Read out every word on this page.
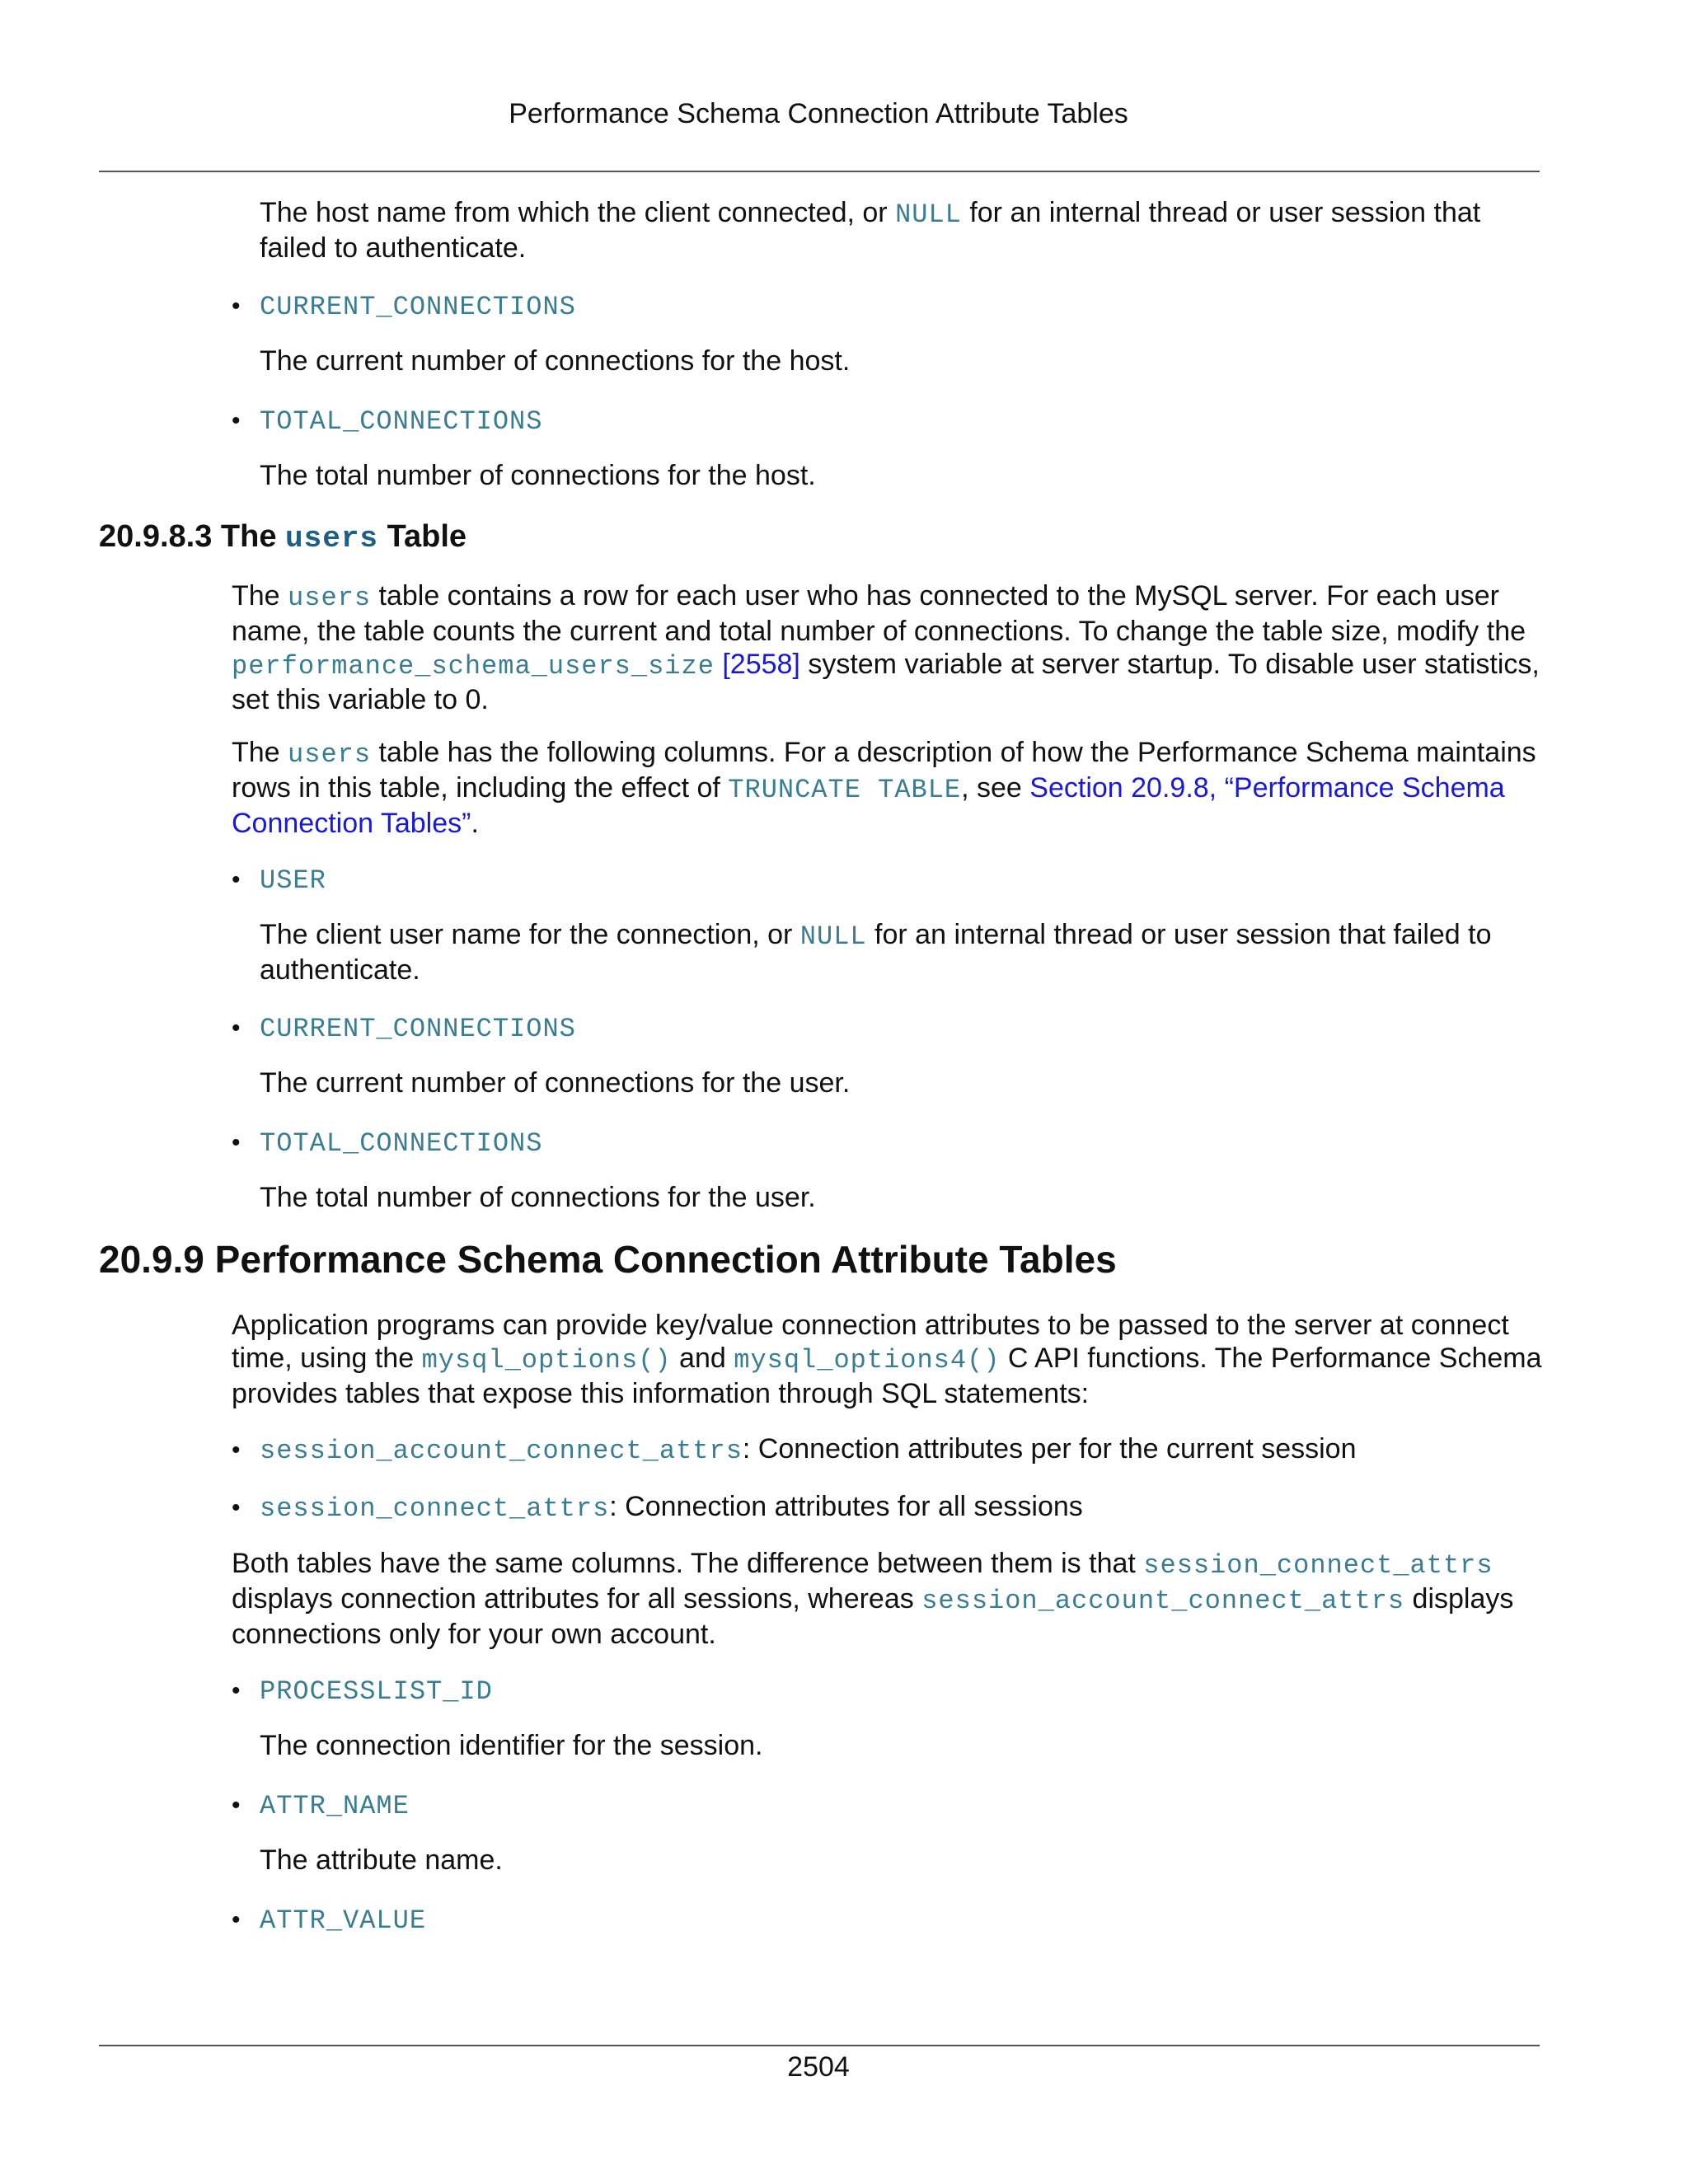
Performance Schema Connection Attribute Tables

The host name from which the client connected, or NULL for an internal thread or user session that failed to authenticate.

• CURRENT_CONNECTIONS

The current number of connections for the host.

• TOTAL_CONNECTIONS

The total number of connections for the host.

20.9.8.3 The users Table

The users table contains a row for each user who has connected to the MySQL server. For each user name, the table counts the current and total number of connections. To change the table size, modify the performance_schema_users_size [2558] system variable at server startup. To disable user statistics, set this variable to 0.

The users table has the following columns. For a description of how the Performance Schema maintains rows in this table, including the effect of TRUNCATE TABLE, see Section 20.9.8, “Performance Schema Connection Tables”.

• USER

The client user name for the connection, or NULL for an internal thread or user session that failed to authenticate.

• CURRENT_CONNECTIONS

The current number of connections for the user.

• TOTAL_CONNECTIONS

The total number of connections for the user.

20.9.9 Performance Schema Connection Attribute Tables

Application programs can provide key/value connection attributes to be passed to the server at connect time, using the mysql_options() and mysql_options4() C API functions. The Performance Schema provides tables that expose this information through SQL statements:

• session_account_connect_attrs: Connection attributes per for the current session
• session_connect_attrs: Connection attributes for all sessions

Both tables have the same columns. The difference between them is that session_connect_attrs displays connection attributes for all sessions, whereas session_account_connect_attrs displays connections only for your own account.

• PROCESSLIST_ID

The connection identifier for the session.

• ATTR_NAME

The attribute name.

• ATTR_VALUE
2504
